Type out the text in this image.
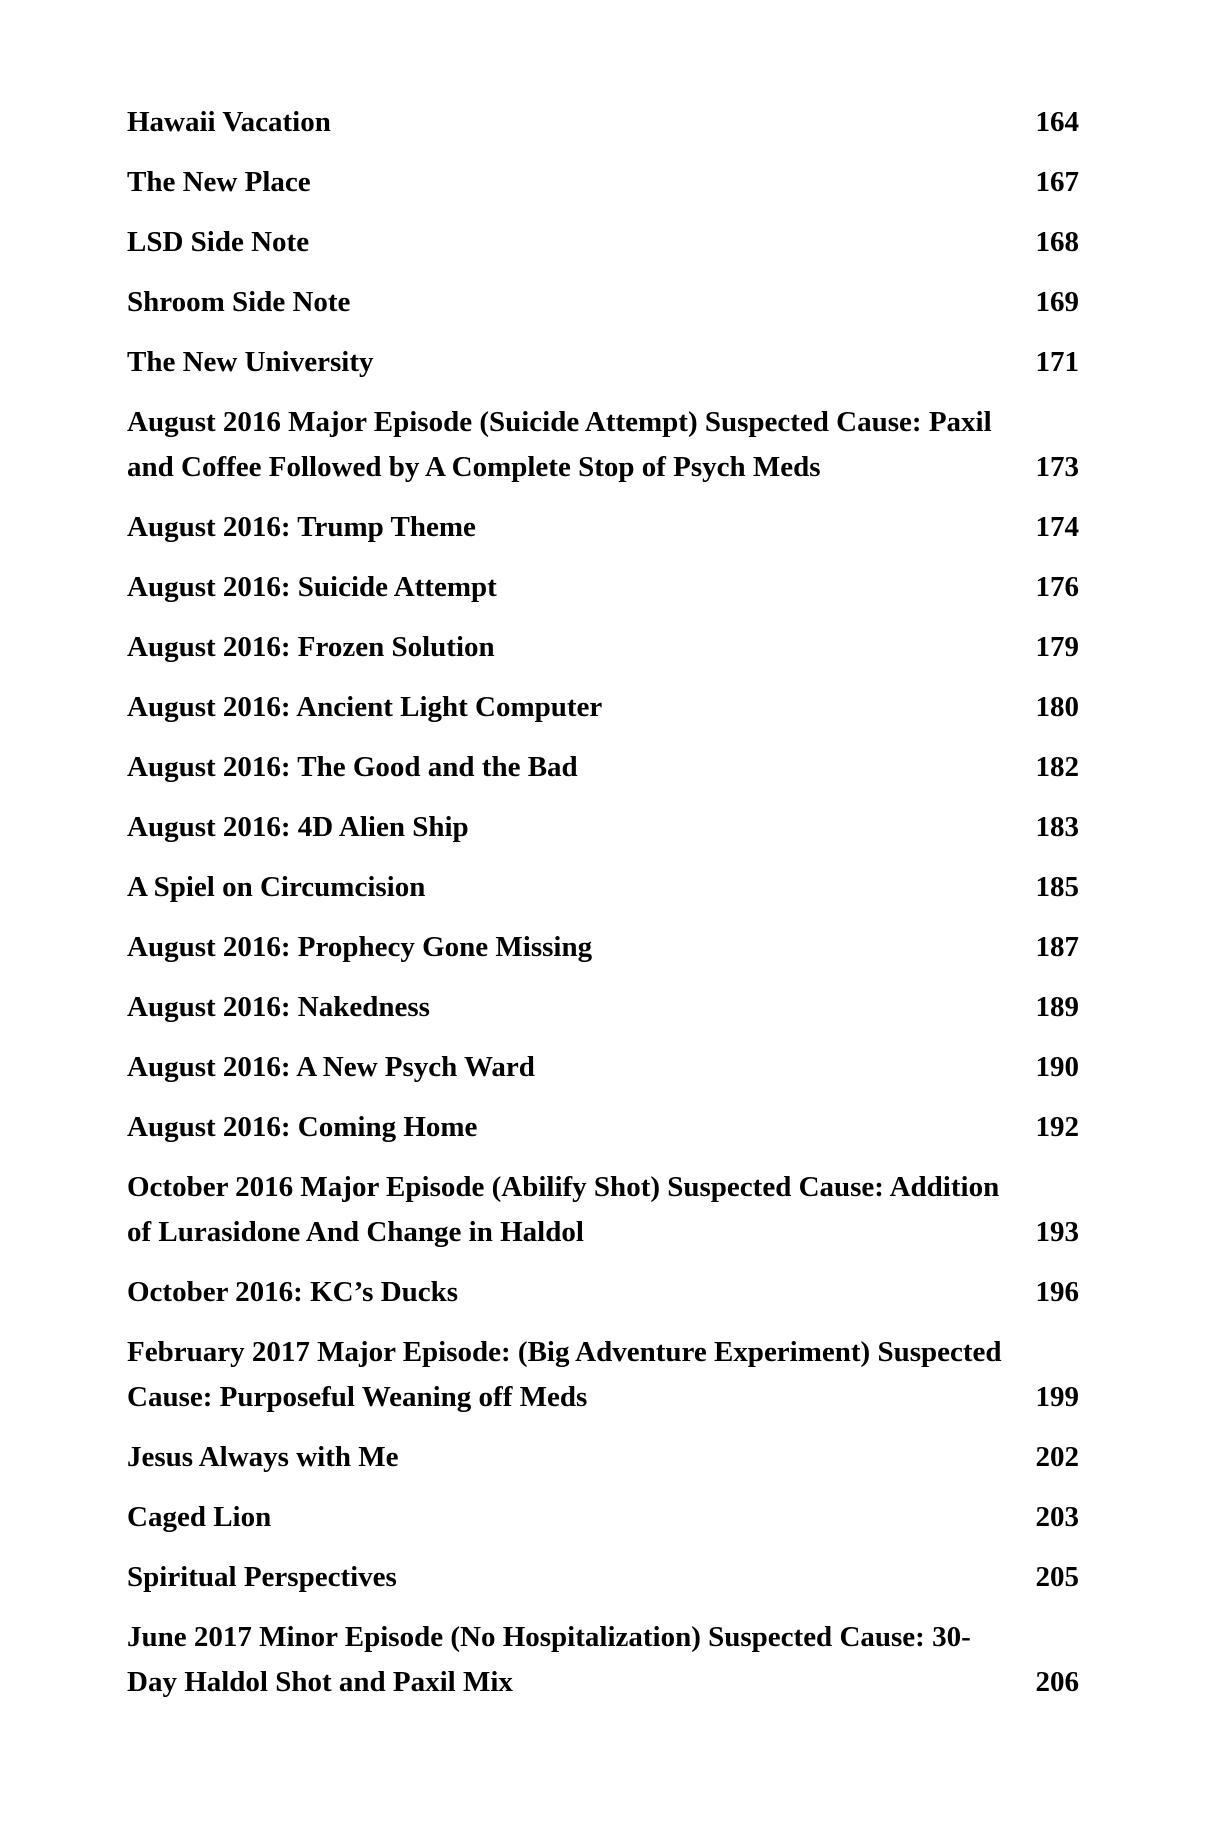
Hawaii Vacation	164
The New Place	167
LSD Side Note	168
Shroom Side Note	169
The New University	171
August 2016 Major Episode (Suicide Attempt) Suspected Cause: Paxil and Coffee Followed by A Complete Stop of Psych Meds	173
August 2016: Trump Theme	174
August 2016: Suicide Attempt	176
August 2016: Frozen Solution	179
August 2016: Ancient Light Computer	180
August 2016: The Good and the Bad	182
August 2016: 4D Alien Ship	183
A Spiel on Circumcision	185
August 2016: Prophecy Gone Missing	187
August 2016: Nakedness	189
August 2016: A New Psych Ward	190
August 2016: Coming Home	192
October 2016 Major Episode (Abilify Shot) Suspected Cause: Addition of Lurasidone And Change in Haldol	193
October 2016: KC’s Ducks	196
February 2017 Major Episode: (Big Adventure Experiment) Suspected Cause: Purposeful Weaning off Meds	199
Jesus Always with Me	202
Caged Lion	203
Spiritual Perspectives	205
June 2017 Minor Episode (No Hospitalization) Suspected Cause: 30-Day Haldol Shot and Paxil Mix	206
